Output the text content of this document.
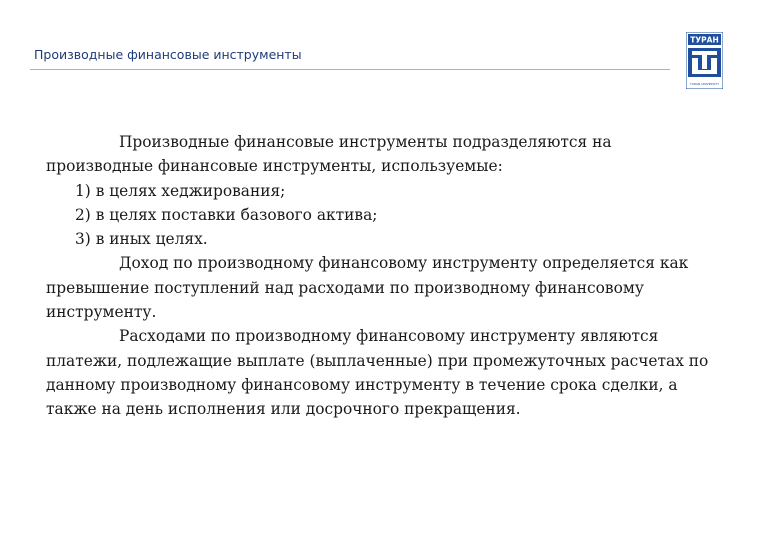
Производные финансовые инструменты
ТУРАН
TURAN UNIVERSITY

Производные финансовые инструменты подразделяются на производные финансовые инструменты, используемые:

1) в целях хеджирования;

2) в целях поставки базового актива;

3) в иных целях.

Доход по производному финансовому инструменту определяется как превышение поступлений над расходами по производному финансовому инструменту.

Расходами по производному финансовому инструменту являются платежи, подлежащие выплате (выплаченные) при промежуточных расчетах по данному производному финансовому инструменту в течение срока сделки, а также на день исполнения или досрочного прекращения.
